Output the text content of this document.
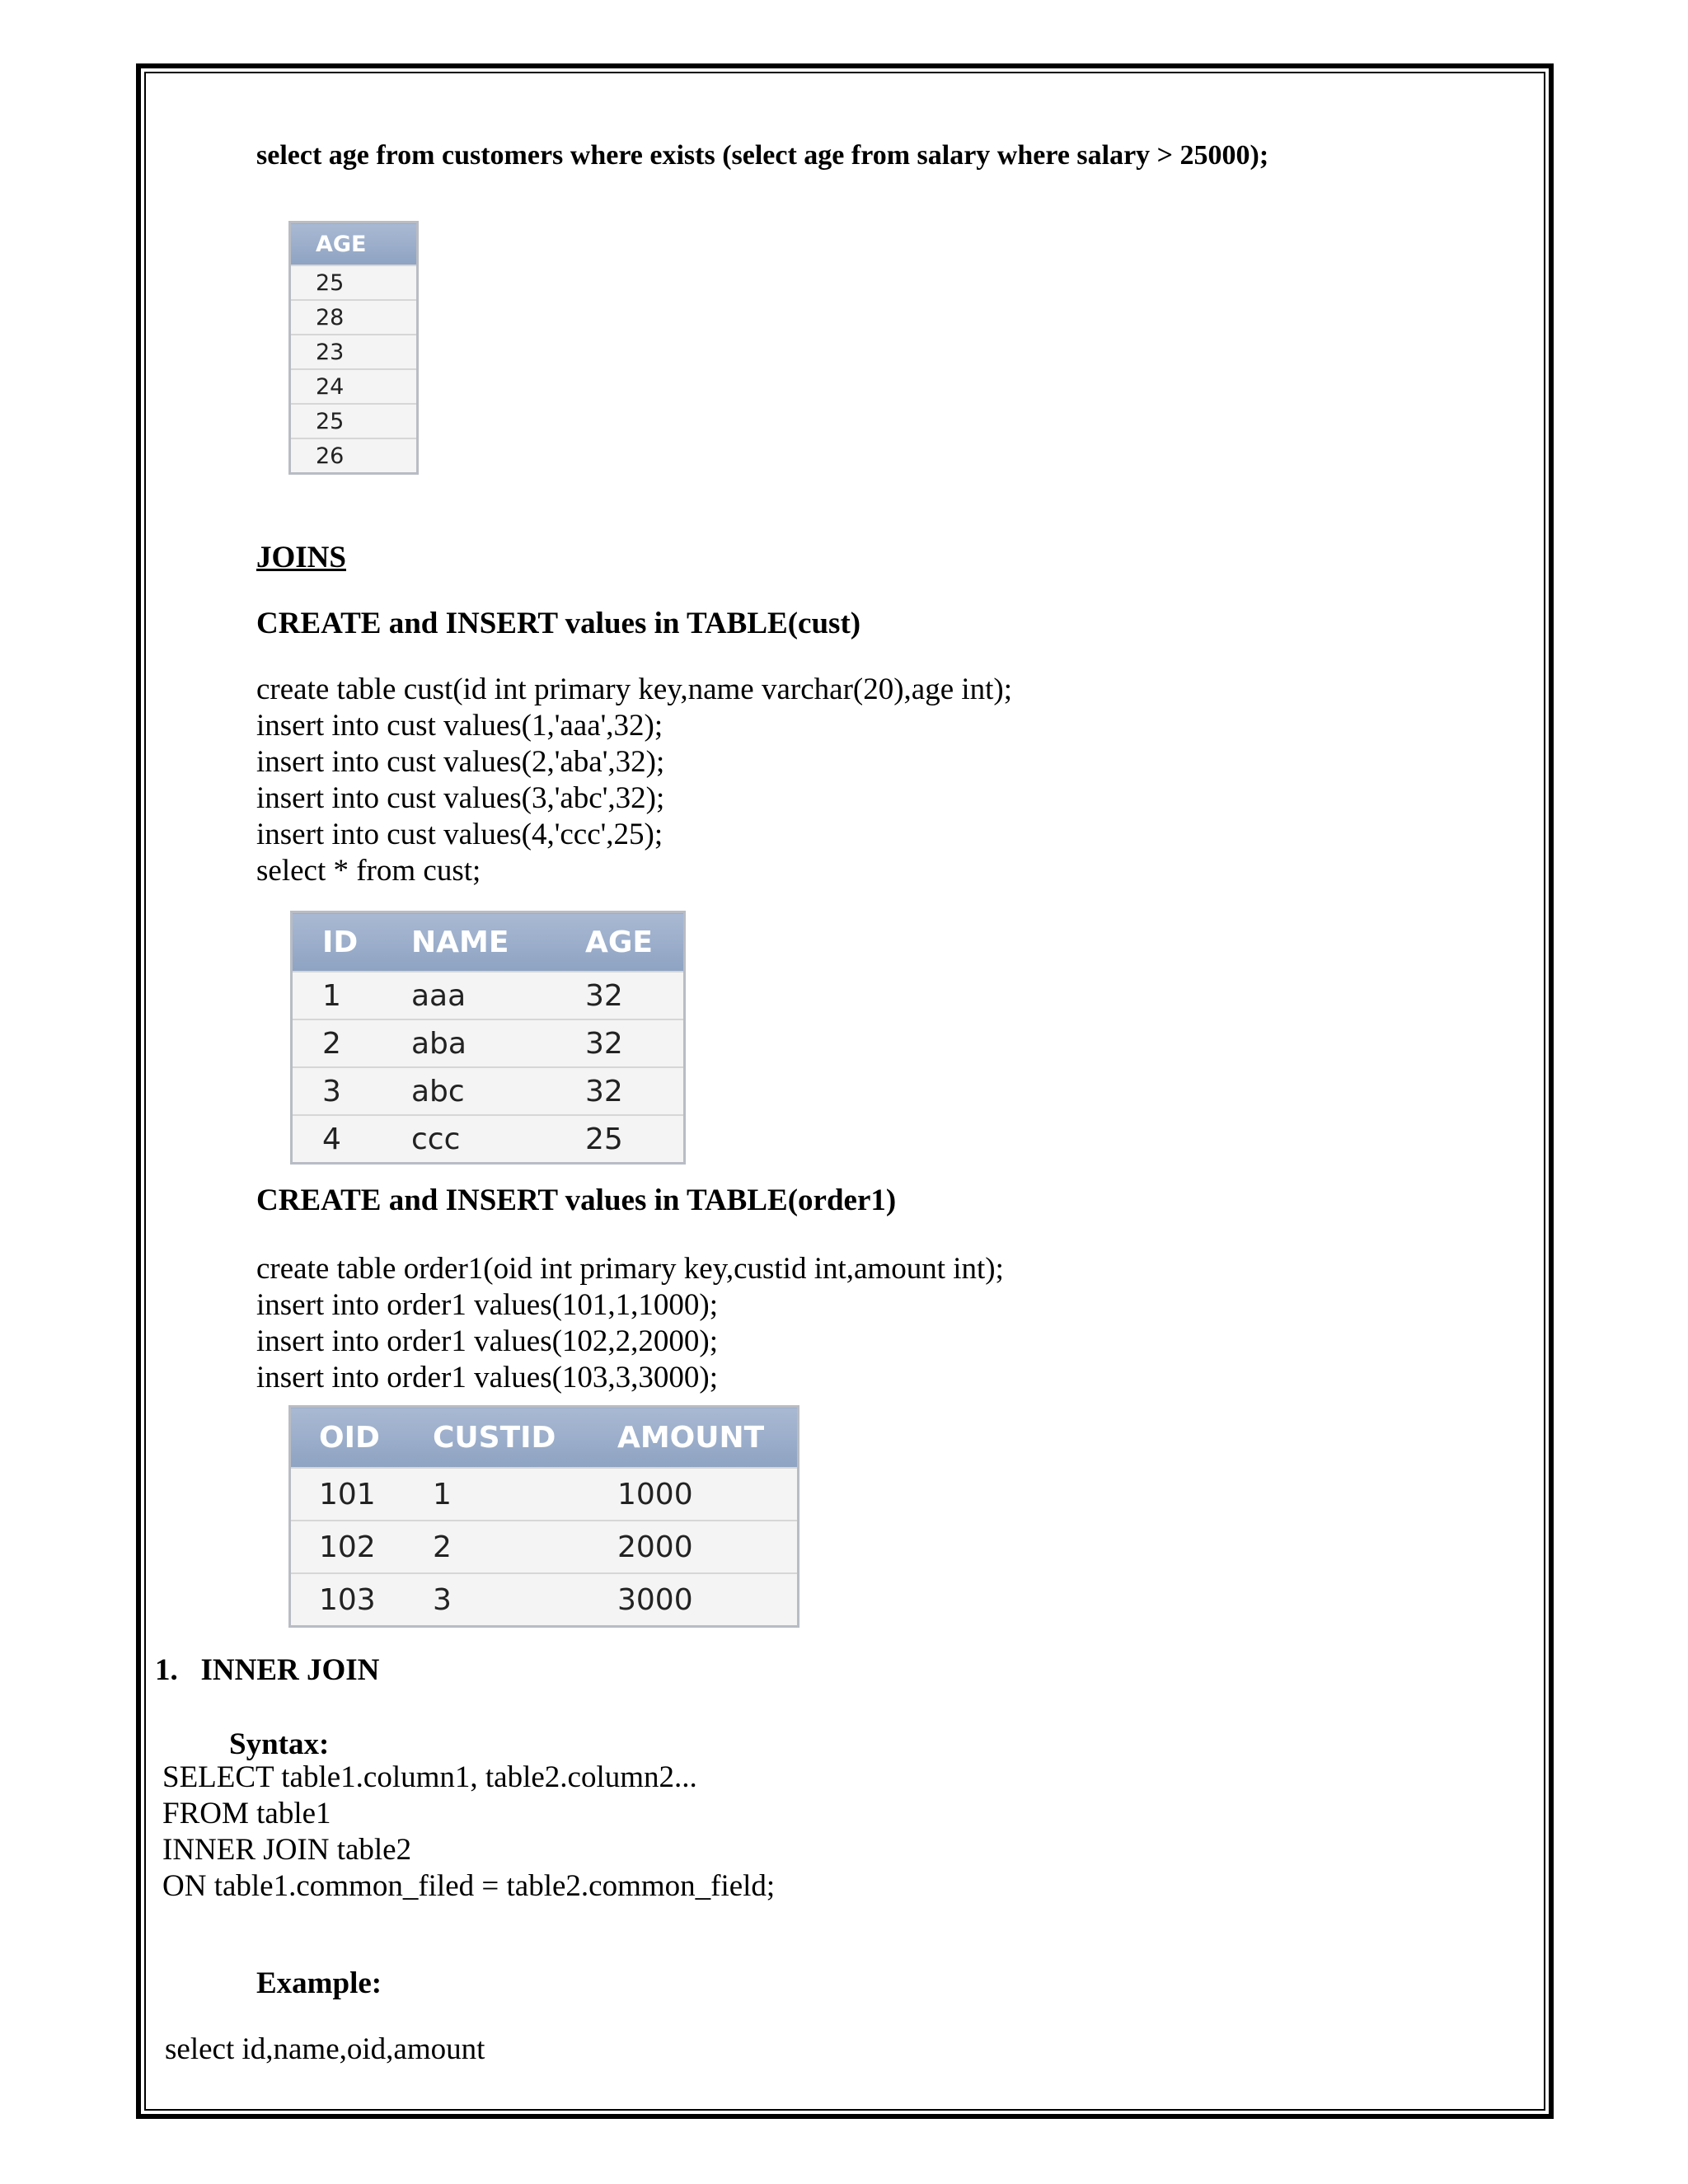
select age from customers where exists (select age from salary where salary > 25000);
AGE
25
28
23
24
25
26
JOINS
CREATE and INSERT values in TABLE(cust)
create table cust(id int primary key,name varchar(20),age int);
insert into cust values(1,'aaa',32);
insert into cust values(2,'aba',32);
insert into cust values(3,'abc',32);
insert into cust values(4,'ccc',25);
select * from cust;
ID	NAME	AGE
1	aaa	32
2	aba	32
3	abc	32
4	ccc	25
CREATE and INSERT values in TABLE(order1)
create table order1(oid int primary key,custid int,amount int);
insert into order1 values(101,1,1000);
insert into order1 values(102,2,2000);
insert into order1 values(103,3,3000);
OID	CUSTID	AMOUNT
101	1	1000
102	2	2000
103	3	3000
1.   INNER JOIN
Syntax:
SELECT table1.column1, table2.column2...
FROM table1
INNER JOIN table2
ON table1.common_filed = table2.common_field;
Example:
select id,name,oid,amount
